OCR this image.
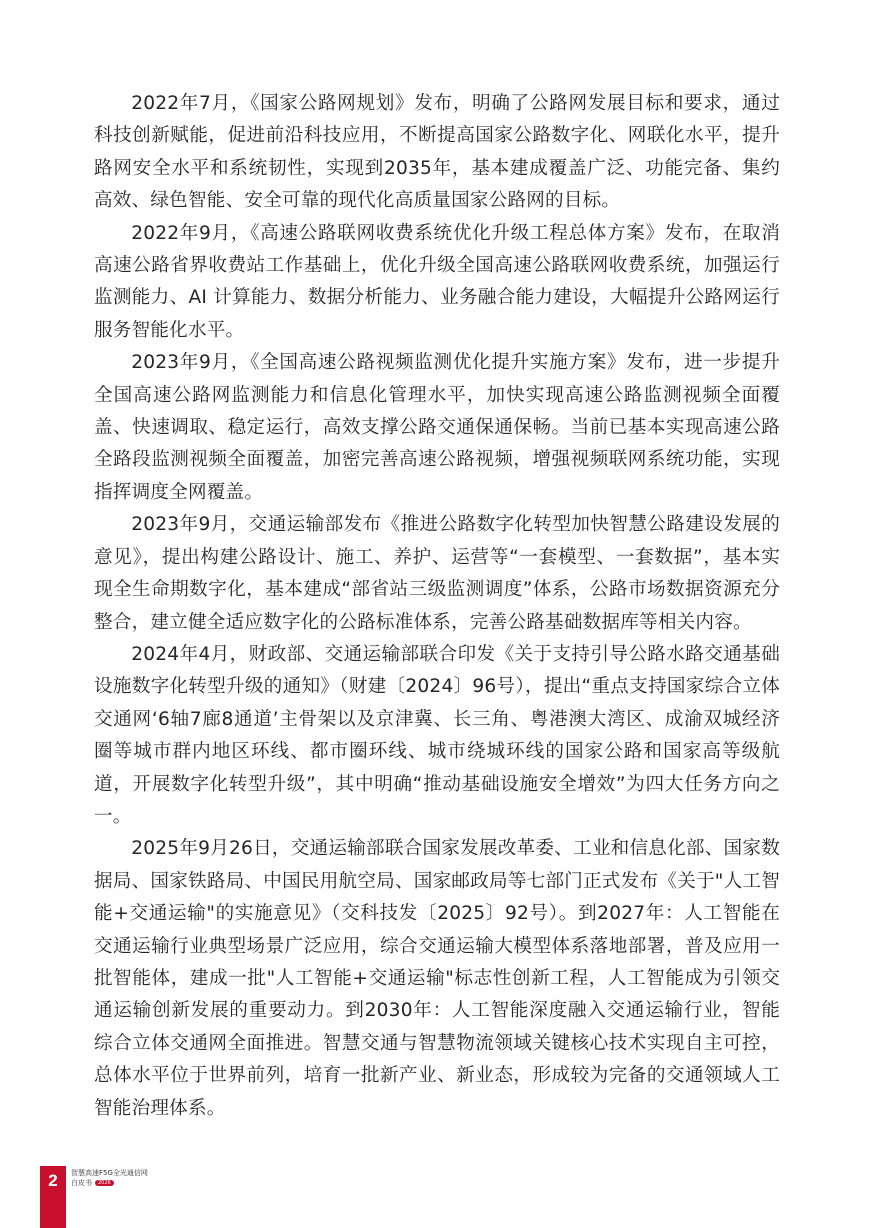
2022年7月，《国家公路网规划》发布，明确了公路网发展目标和要求，通过科技创新赋能，促进前沿科技应用，不断提高国家公路数字化、网联化水平，提升路网安全水平和系统韧性，实现到2035年，基本建成覆盖广泛、功能完备、集约高效、绿色智能、安全可靠的现代化高质量国家公路网的目标。

2022年9月，《高速公路联网收费系统优化升级工程总体方案》发布，在取消高速公路省界收费站工作基础上，优化升级全国高速公路联网收费系统，加强运行监测能力、AI 计算能力、数据分析能力、业务融合能力建设，大幅提升公路网运行服务智能化水平。

2023年9月，《全国高速公路视频监测优化提升实施方案》发布，进一步提升全国高速公路网监测能力和信息化管理水平，加快实现高速公路监测视频全面覆盖、快速调取、稳定运行，高效支撑公路交通保通保畅。当前已基本实现高速公路全路段监测视频全面覆盖，加密完善高速公路视频，增强视频联网系统功能，实现指挥调度全网覆盖。

2023年9月，交通运输部发布《推进公路数字化转型加快智慧公路建设发展的意见》，提出构建公路设计、施工、养护、运营等“一套模型、一套数据”，基本实现全生命期数字化，基本建成“部省站三级监测调度”体系，公路市场数据资源充分整合，建立健全适应数字化的公路标准体系，完善公路基础数据库等相关内容。

2024年4月，财政部、交通运输部联合印发《关于支持引导公路水路交通基础设施数字化转型升级的通知》（财建〔2024〕96号），提出“重点支持国家综合立体交通网‘6轴7廊8通道’主骨架以及京津冀、长三角、粤港澳大湾区、成渝双城经济圈等城市群内地区环线、都市圈环线、城市绕城环线的国家公路和国家高等级航道，开展数字化转型升级”，其中明确“推动基础设施安全增效”为四大任务方向之一。

2025年9月26日，交通运输部联合国家发展改革委、工业和信息化部、国家数据局、国家铁路局、中国民用航空局、国家邮政局等七部门正式发布《关于"人工智能+交通运输"的实施意见》（交科技发〔2025〕92号）。到2027年：人工智能在交通运输行业典型场景广泛应用，综合交通运输大模型体系落地部署，普及应用一批智能体，建成一批"人工智能+交通运输"标志性创新工程，人工智能成为引领交通运输创新发展的重要动力。到2030年：人工智能深度融入交通运输行业，智能综合立体交通网全面推进。智慧交通与智慧物流领域关键核心技术实现自主可控，总体水平位于世界前列，培育一批新产业、新业态，形成较为完备的交通领域人工智能治理体系。

2	智慧高速F5G全光通信网
白皮书	2026
